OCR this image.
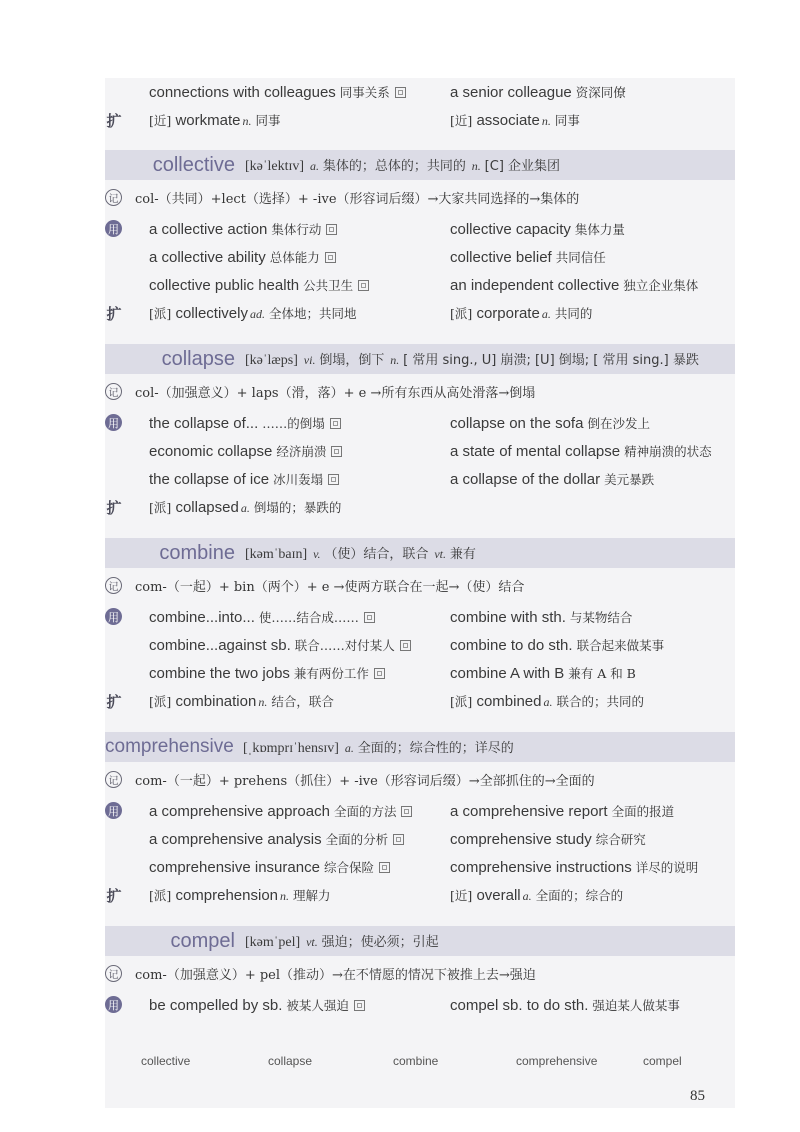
connections with colleagues 同事关系	a senior colleague 资深同僚
扩 [近] workmate n. 同事	[近] associate n. 同事
collective [kəˈlektɪv] a. 集体的；总体的；共同的 n. [C] 企业集团
记 col-（共同）+lect（选择）+ -ive（形容词后缀）→大家共同选择的→集体的
用 a collective action 集体行动	collective capacity 集体力量
a collective ability 总体能力	collective belief 共同信任
collective public health 公共卫生	an independent collective 独立企业集体
扩 [派] collectively ad. 全体地；共同地	[派] corporate a. 共同的
collapse [kəˈlæps] vi. 倒塌，倒下 n. [ 常用 sing., U] 崩溃; [U] 倒塌; [ 常用 sing.] 暴跌
记 col-（加强意义）+ laps（滑，落）+ e →所有东西从高处滑落→倒塌
用 the collapse of... ……的倒塌	collapse on the sofa 倒在沙发上
economic collapse 经济崩溃	a state of mental collapse 精神崩溃的状态
the collapse of ice 冰川轰塌	a collapse of the dollar 美元暴跌
扩 [派] collapsed a. 倒塌的；暴跌的
combine [kəmˈbaɪn] v. （使）结合，联合 vt. 兼有
记 com-（一起）+ bin（两个）+ e →使两方联合在一起→（使）结合
用 combine...into... 使……结合成……	combine with sth. 与某物结合
combine...against sb. 联合……对付某人	combine to do sth. 联合起来做某事
combine the two jobs 兼有两份工作	combine A with B 兼有 A 和 B
扩 [派] combination n. 结合，联合	[派] combined a. 联合的；共同的
comprehensive [ˌkɒmprɪˈhensɪv] a. 全面的；综合性的；详尽的
记 com-（一起）+ prehens（抓住）+ -ive（形容词后缀）→全部抓住的→全面的
用 a comprehensive approach 全面的方法	a comprehensive report 全面的报道
a comprehensive analysis 全面的分析	comprehensive study 综合研究
comprehensive insurance 综合保险	comprehensive instructions 详尽的说明
扩 [派] comprehension n. 理解力	[近] overall a. 全面的；综合的
compel [kəmˈpel] vt. 强迫；使必须；引起
记 com-（加强意义）+ pel（推动）→在不情愿的情况下被推上去→强迫
用 be compelled by sb. 被某人强迫	compel sb. to do sth. 强迫某人做某事
collective	collapse	combine	comprehensive	compel
85
